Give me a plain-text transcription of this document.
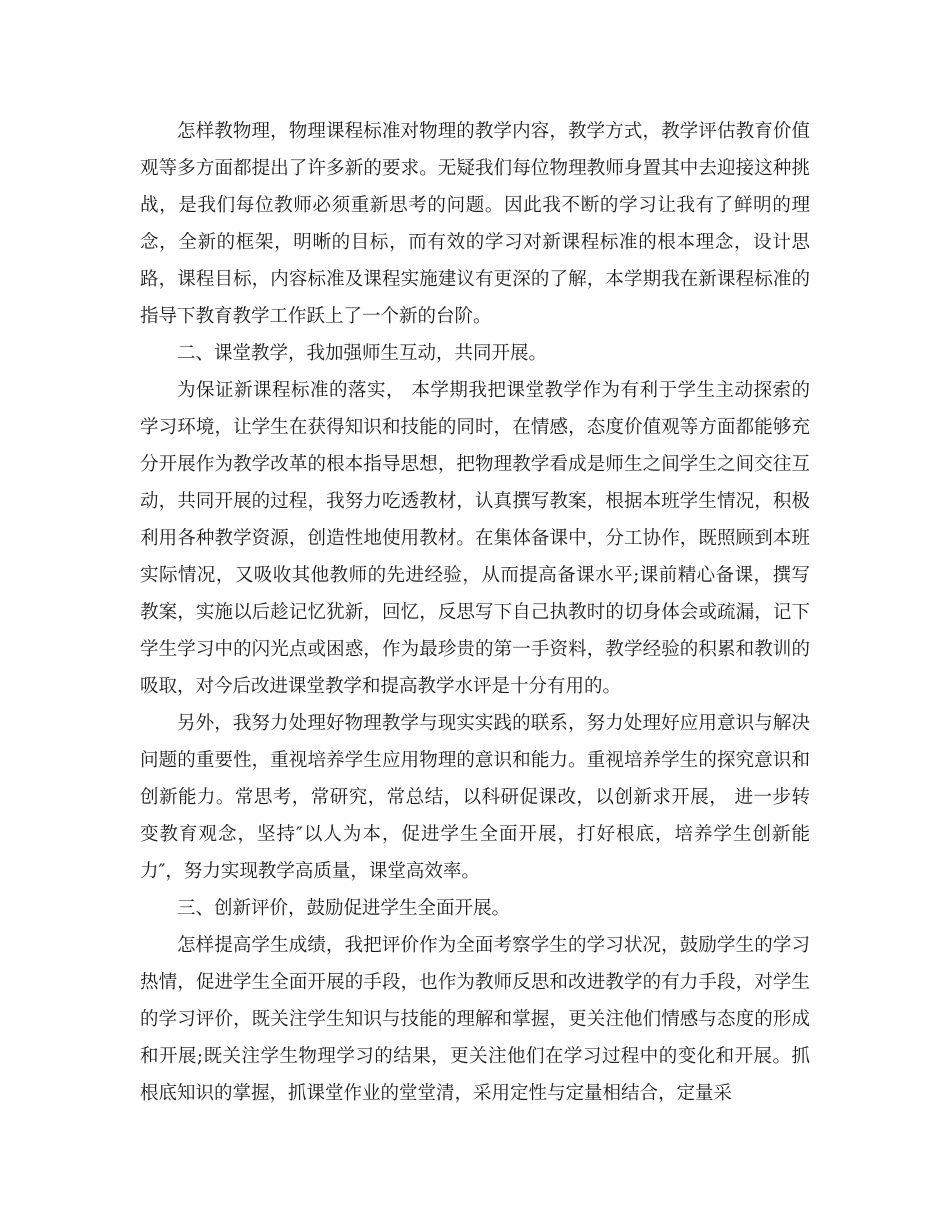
怎样教物理，物理课程标准对物理的教学内容，教学方式，教学评估教育价值观等多方面都提出了许多新的要求。无疑我们每位物理教师身置其中去迎接这种挑战，是我们每位教师必须重新思考的问题。因此我不断的学习让我有了鲜明的理念，全新的框架，明晰的目标，而有效的学习对新课程标准的根本理念，设计思路，课程目标，内容标准及课程实施建议有更深的了解，本学期我在新课程标准的指导下教育教学工作跃上了一个新的台阶。

二、课堂教学，我加强师生互动，共同开展。

为保证新课程标准的落实， 本学期我把课堂教学作为有利于学生主动探索的学习环境，让学生在获得知识和技能的同时，在情感，态度价值观等方面都能够充分开展作为教学改革的根本指导思想，把物理教学看成是师生之间学生之间交往互动，共同开展的过程，我努力吃透教材，认真撰写教案，根据本班学生情况，积极利用各种教学资源，创造性地使用教材。在集体备课中，分工协作，既照顾到本班实际情况，又吸收其他教师的先进经验，从而提高备课水平;课前精心备课，撰写教案，实施以后趁记忆犹新，回忆，反思写下自己执教时的切身体会或疏漏，记下学生学习中的闪光点或困惑，作为最珍贵的第一手资料，教学经验的积累和教训的吸取，对今后改进课堂教学和提高教学水评是十分有用的。

另外，我努力处理好物理教学与现实实践的联系，努力处理好应用意识与解决问题的重要性，重视培养学生应用物理的意识和能力。重视培养学生的探究意识和创新能力。常思考，常研究，常总结，以科研促课改，以创新求开展， 进一步转变教育观念，坚持″以人为本，促进学生全面开展，打好根底，培养学生创新能力″，努力实现教学高质量，课堂高效率。

三、创新评价，鼓励促进学生全面开展。

怎样提高学生成绩，我把评价作为全面考察学生的学习状况，鼓励学生的学习热情，促进学生全面开展的手段，也作为教师反思和改进教学的有力手段，对学生的学习评价，既关注学生知识与技能的理解和掌握，更关注他们情感与态度的形成和开展;既关注学生物理学习的结果，更关注他们在学习过程中的变化和开展。抓根底知识的掌握，抓课堂作业的堂堂清，采用定性与定量相结合，定量采
